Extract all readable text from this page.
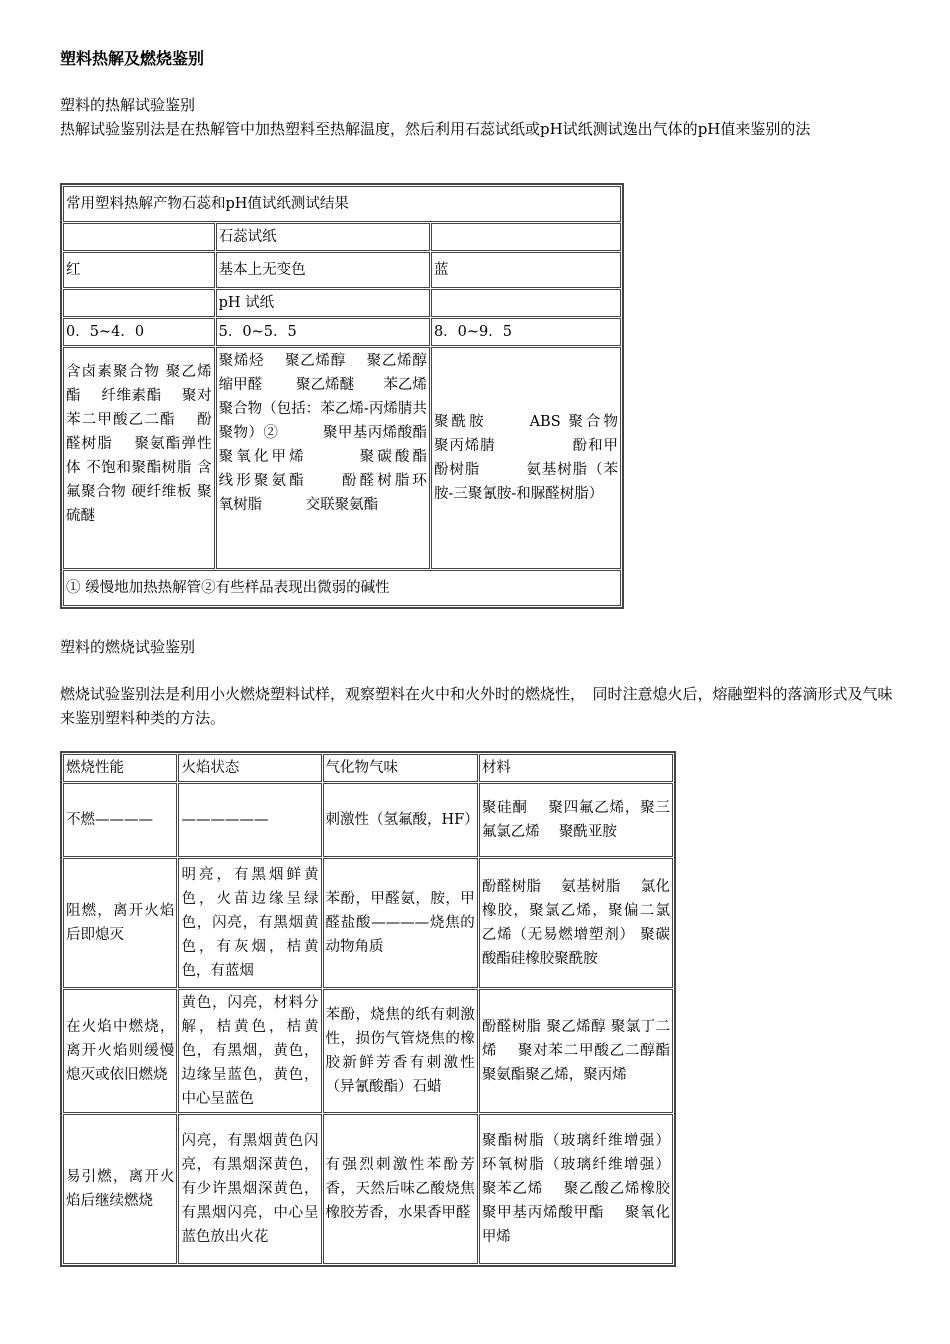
塑料热解及燃烧鉴别

塑料的热解试验鉴别

热解试验鉴别法是在热解管中加热塑料至热解温度，然后利用石蕊试纸或pH试纸测试逸出气体的pH值来鉴别的法

常用塑料热解产物石蕊和pH值试纸测试结果		
	石蕊试纸	
红	基本上无变色	蓝
	pH 试纸	
0．5~4．0	5．0~5．5	8．0~9．5
含卤素聚合物 聚乙烯酯　 纤维素酯　 聚对苯二甲酸乙二酯　 酚醛树脂　 聚氨酯弹性体 不饱和聚酯树脂 含氟聚合物 硬纤维板 聚硫醚	聚烯烃　 聚乙烯醇　 聚乙烯醇缩甲醛　　 聚乙烯醚　　苯乙烯聚合物（包括：苯乙烯-丙烯腈共聚物）②　　　聚甲基丙烯酸酯　　聚氧化甲烯　　　聚碳酸酯　　　线形聚氨酯　　酚醛树脂环　　　氧树脂　　　交联聚氨酯	聚酰胺　　 ABS 聚合物　　　聚丙烯腈　　　　　酚和甲酚树脂　　　氨基树脂（苯胺-三聚氰胺-和脲醛树脂）
① 缓慢地加热热解管②有些样品表现出微弱的碱性		

塑料的燃烧试验鉴别

燃烧试验鉴别法是利用小火燃烧塑料试样，观察塑料在火中和火外时的燃烧性，　同时注意熄火后，熔融塑料的落滴形式及气味来鉴别塑料种类的方法。

燃烧性能	火焰状态	气化物气味	材料
不燃————	——————	刺激性（氢氟酸，HF）	聚硅酮　 聚四氟乙烯，聚三氟氯乙烯　 聚酰亚胺
阻燃，离开火焰后即熄灭	明亮，有黑烟鲜黄色，火苗边缘呈绿色，闪亮，有黑烟黄色，有灰烟，桔黄色，有蓝烟	苯酚，甲醛氨，胺，甲醛盐酸————烧焦的动物角质	酚醛树脂　 氨基树脂　 氯化橡胶，聚氯乙烯，聚偏二氯乙烯（无易燃增塑剂） 聚碳酸酯硅橡胶聚酰胺
在火焰中燃烧，离开火焰则缓慢熄灭或依旧燃烧	黄色，闪亮，材料分解，桔黄色，桔黄色，有黑烟，黄色，边缘呈蓝色，黄色，中心呈蓝色	苯酚，烧焦的纸有刺激性，损伤气管烧焦的橡胶新鲜芳香有刺激性（异氰酸酯）石蜡	酚醛树脂 聚乙烯醇 聚氯丁二烯　 聚对苯二甲酸乙二醇酯 聚氨酯聚乙烯，聚丙烯
易引燃，离开火焰后继续燃烧	闪亮，有黑烟黄色闪亮，有黑烟深黄色，有少许黑烟深黄色，有黑烟闪亮，中心呈蓝色放出火花	有强烈刺激性苯酚芳香，天然后味乙酸烧焦橡胶芳香，水果香甲醛	聚酯树脂（玻璃纤维增强）环氧树脂（玻璃纤维增强）聚苯乙烯　 聚乙酸乙烯橡胶　 聚甲基丙烯酸甲酯　 聚氧化甲烯
